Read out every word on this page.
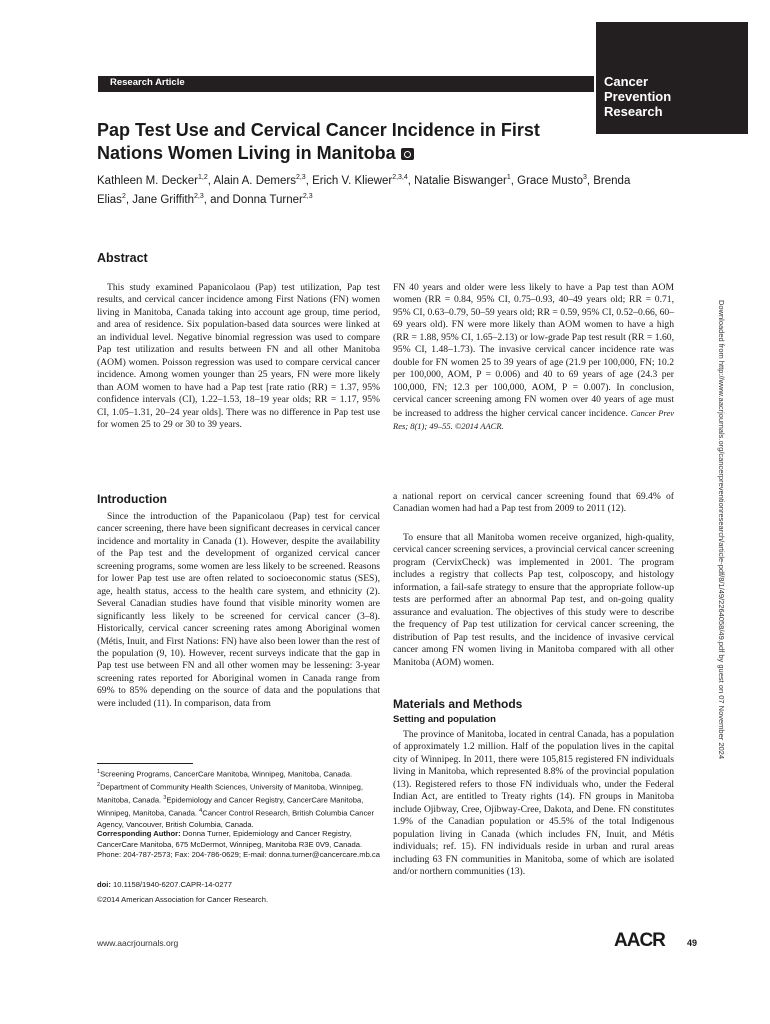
Research Article	Cancer
Prevention
Research
Pap Test Use and Cervical Cancer Incidence in First
Nations Women Living in Manitoba
Kathleen M. Decker$^{1,2}$, Alain A. Demers$^{2,3}$, Erich V. Kliewer$^{2,3,4}$, Natalie Biswanger$^1$, Grace Musto$^3$, Brenda Elias$^2$, Jane Griffith$^{2,3}$, and Donna Turner$^{2,3}$
Abstract
This study examined Papanicolaou (Pap) test utilization, Pap test results, and cervical cancer incidence among First Nations (FN) women living in Manitoba, Canada taking into account age group, time period, and area of residence. Six population-based data sources were linked at an individual level. Negative binomial regression was used to compare Pap test utilization and results between FN and all other Manitoba (AOM) women. Poisson regression was used to compare cervical cancer incidence. Among women younger than 25 years, FN were more likely than AOM women to have had a Pap test [rate ratio (RR) = 1.37, 95% confidence intervals (CI), 1.22–1.53, 18–19 year olds; RR = 1.17, 95% CI, 1.05–1.31, 20–24 year olds]. There was no difference in Pap test use for women 25 to 29 or 30 to 39 years.
FN 40 years and older were less likely to have a Pap test than AOM women (RR = 0.84, 95% CI, 0.75–0.93, 40–49 years old; RR = 0.71, 95% CI, 0.63–0.79, 50–59 years old; RR = 0.59, 95% CI, 0.52–0.66, 60–69 years old). FN were more likely than AOM women to have a high (RR = 1.88, 95% CI, 1.65–2.13) or low-grade Pap test result (RR = 1.60, 95% CI, 1.48–1.73). The invasive cervical cancer incidence rate was double for FN women 25 to 39 years of age (21.9 per 100,000, FN; 10.2 per 100,000, AOM, P = 0.006) and 40 to 69 years of age (24.3 per 100,000, FN; 12.3 per 100,000, AOM, P = 0.007). In conclusion, cervical cancer screening among FN women over 40 years of age must be increased to address the higher cervical cancer incidence. Cancer Prev Res; 8(1); 49–55. ©2014 AACR.	Downloaded from http://www.aacrjournals.org/cancerpreventionresearch/article-pdf/8/1/49/2264058/49.pdf by guest on 07 November 2024
Introduction
Since the introduction of the Papanicolaou (Pap) test for cervical cancer screening, there have been significant decreases in cervical cancer incidence and mortality in Canada (1). However, despite the availability of the Pap test and the development of organized cervical cancer screening programs, some women are less likely to be screened. Reasons for lower Pap test use are often related to socioeconomic status (SES), age, health status, access to the health care system, and ethnicity (2). Several Canadian studies have found that visible minority women are significantly less likely to be screened for cervical cancer (3–8). Historically, cervical cancer screening rates among Aboriginal women (Métis, Inuit, and First Nations: FN) have also been lower than the rest of the population (9, 10). However, recent surveys indicate that the gap in Pap test use between FN and all other women may be lessening: 3-year screening rates reported for Aboriginal women in Canada range from 69% to 85% depending on the source of data and the populations that were included (11). In comparison, data from
a national report on cervical cancer screening found that 69.4% of Canadian women had had a Pap test from 2009 to 2011 (12).
To ensure that all Manitoba women receive organized, high-quality, cervical cancer screening services, a provincial cervical cancer screening program (CervixCheck) was implemented in 2001. The program includes a registry that collects Pap test, colposcopy, and histology information, a fail-safe strategy to ensure that the appropriate follow-up tests are performed after an abnormal Pap test, and on-going quality assurance and evaluation. The objectives of this study were to describe the frequency of Pap test utilization for cervical cancer screening, the distribution of Pap test results, and the incidence of invasive cervical cancer among FN women living in Manitoba compared with all other Manitoba (AOM) women.
Materials and Methods
Setting and population
The province of Manitoba, located in central Canada, has a population of approximately 1.2 million. Half of the population lives in the capital city of Winnipeg. In 2011, there were 105,815 registered FN individuals living in Manitoba, which represented 8.8% of the provincial population (13). Registered refers to those FN individuals who, under the Federal Indian Act, are entitled to Treaty rights (14). FN groups in Manitoba include Ojibway, Cree, Ojibway-Cree, Dakota, and Dene. FN constitutes 1.9% of the Canadian population or 45.5% of the total Indigenous population living in Canada (which includes FN, Inuit, and Métis individuals; ref. 15). FN individuals reside in urban and rural areas including 63 FN communities in Manitoba, some of which are isolated and/or northern communities (13).
$^1$Screening Programs, CancerCare Manitoba, Winnipeg, Manitoba, Canada. $^2$Department of Community Health Sciences, University of Manitoba, Winnipeg, Manitoba, Canada. $^3$Epidemiology and Cancer Registry, CancerCare Manitoba, Winnipeg, Manitoba, Canada. $^4$Cancer Control Research, British Columbia Cancer Agency, Vancouver, British Columbia, Canada.
Corresponding Author: Donna Turner, Epidemiology and Cancer Registry, CancerCare Manitoba, 675 McDermot, Winnipeg, Manitoba R3E 0V9, Canada. Phone: 204-787-2573; Fax: 204-786-0629; E-mail: donna.turner@cancercare.mb.ca
doi: 10.1158/1940-6207.CAPR-14-0277
©2014 American Association for Cancer Research.
www.aacrjournals.org	AACR 49
